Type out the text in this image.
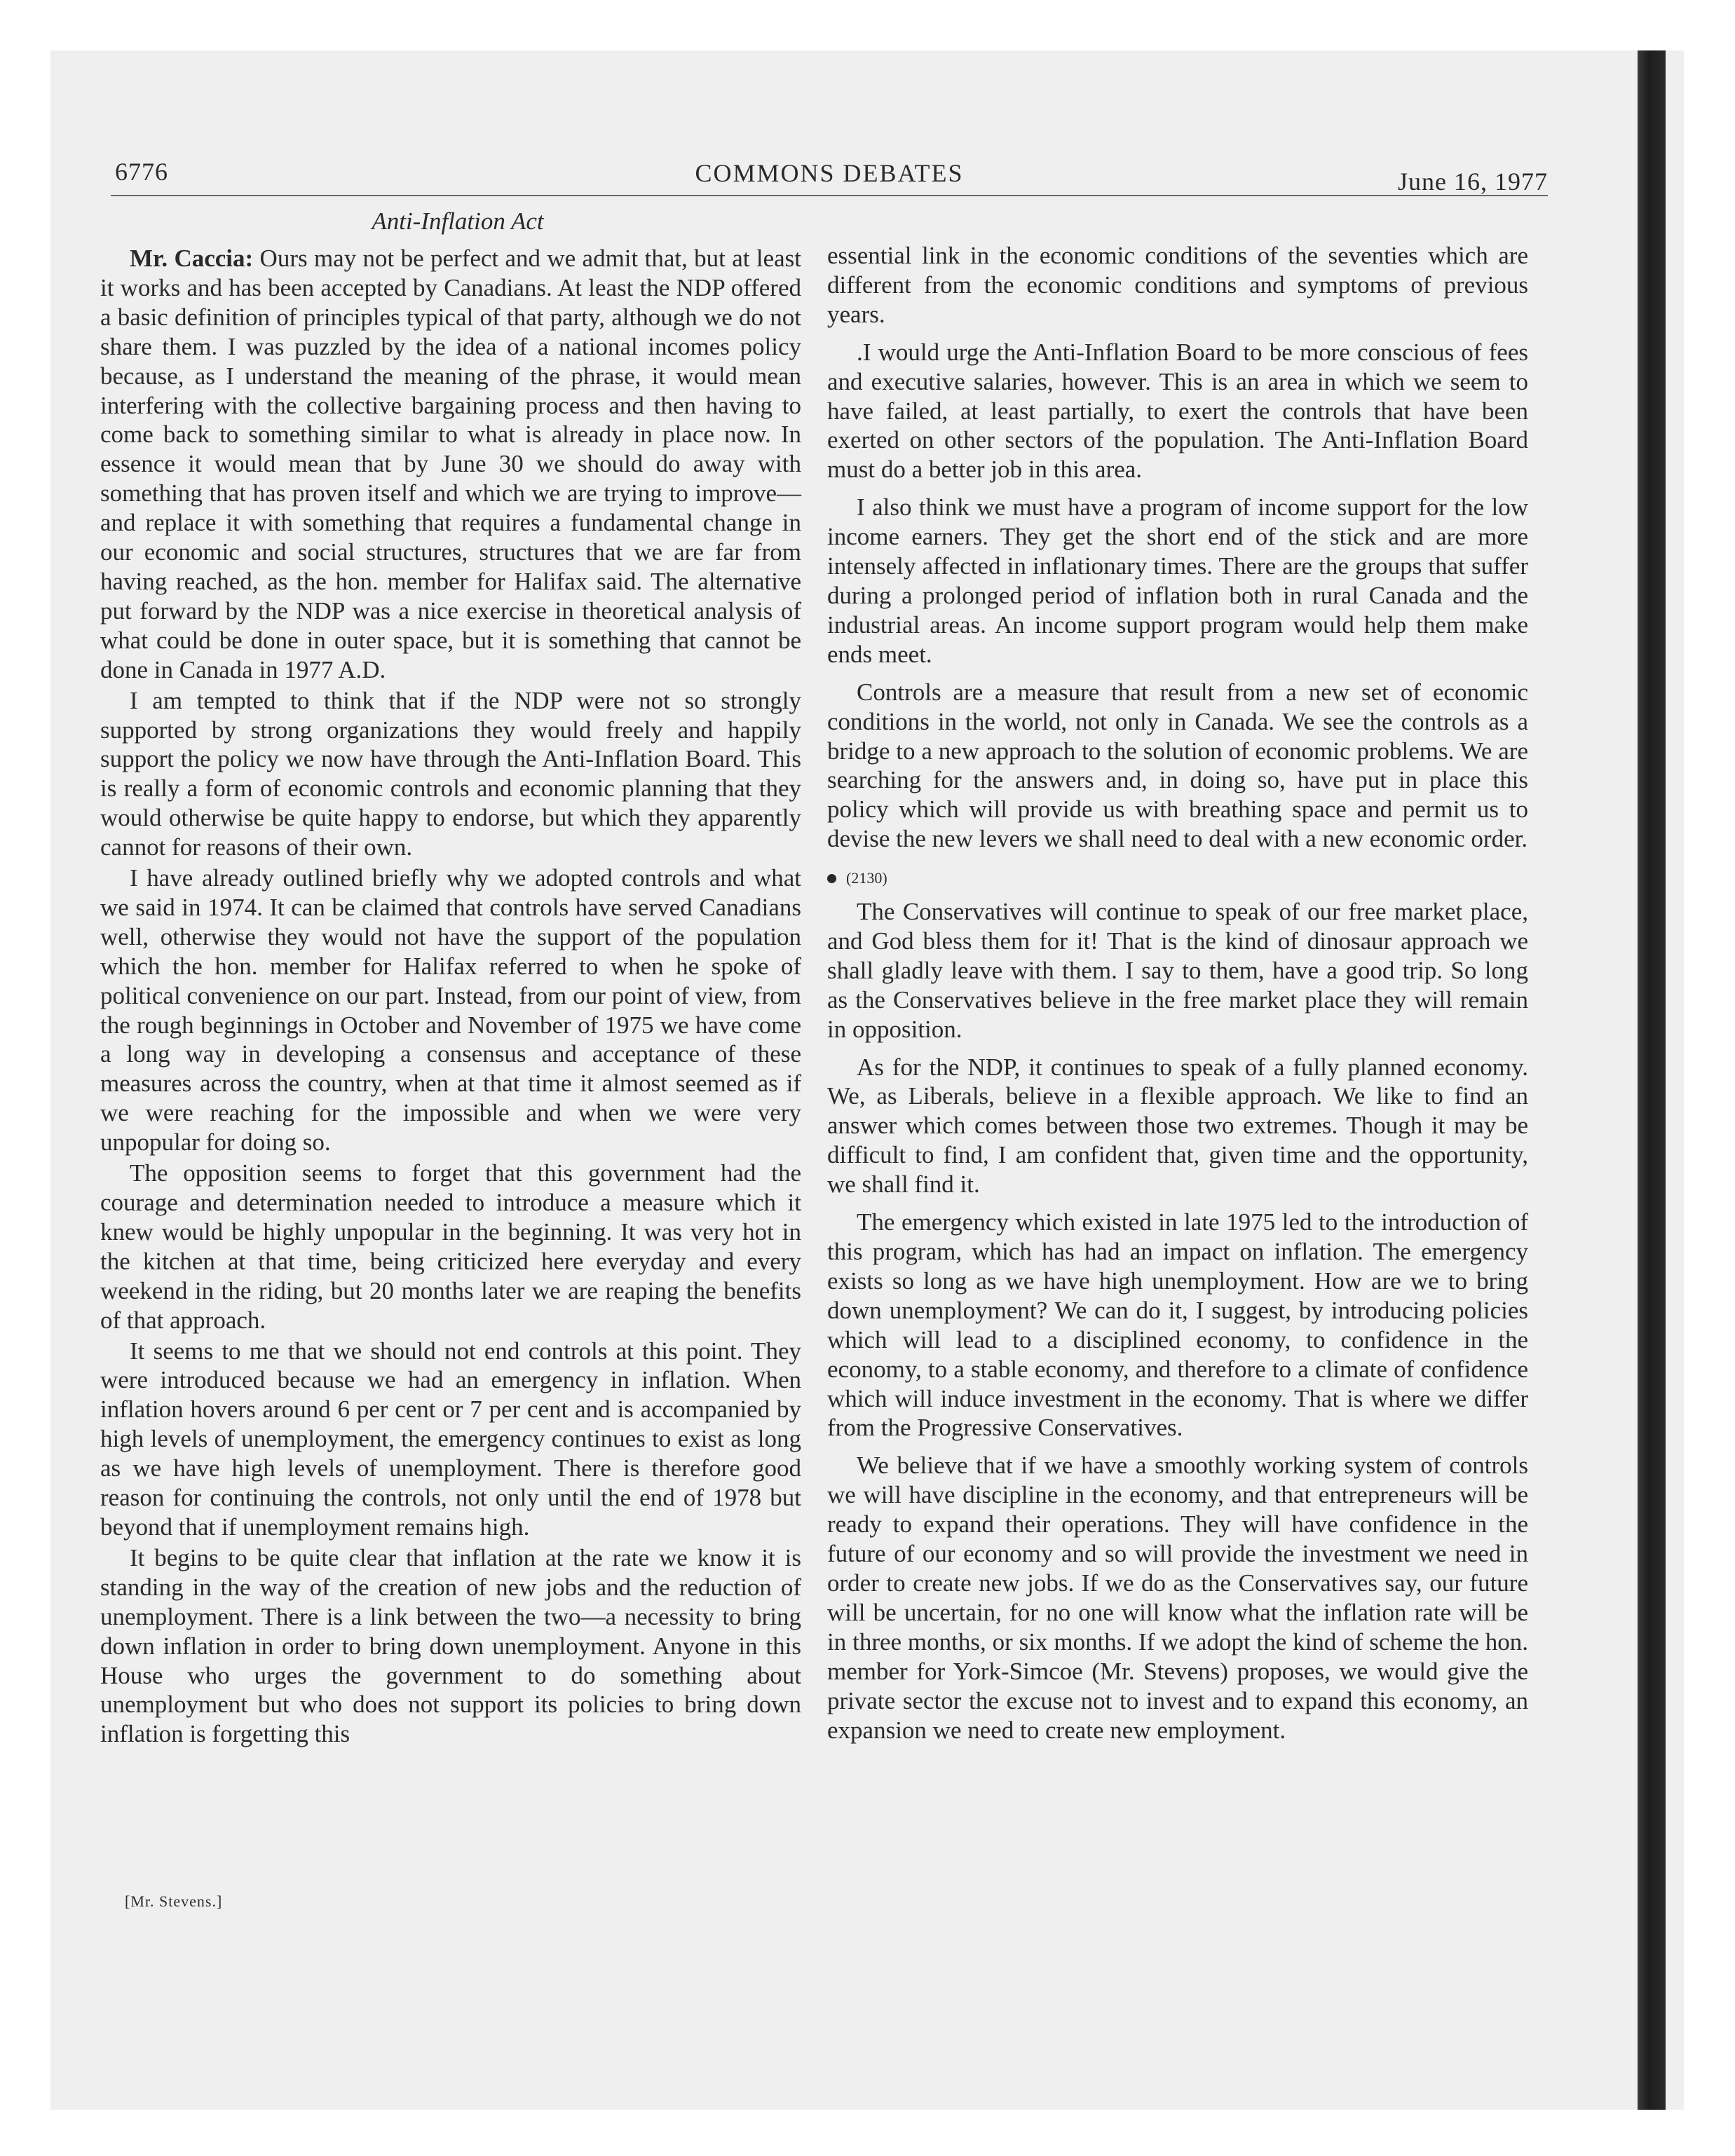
6776	COMMONS DEBATES	June 16, 1977

Mr. Caccia: Ours may not be perfect and we admit that, but at least it works and has been accepted by Canadians. At least the NDP offered a basic definition of principles typical of that party, although we do not share them. I was puzzled by the idea of a national incomes policy because, as I understand the meaning of the phrase, it would mean interfering with the collective bargaining process and then having to come back to something similar to what is already in place now. In essence it would mean that by June 30 we should do away with something that has proven itself and which we are trying to improve—and replace it with something that requires a fundamental change in our economic and social structures, structures that we are far from having reached, as the hon. member for Halifax said. The alternative put forward by the NDP was a nice exercise in theoretical analysis of what could be done in outer space, but it is something that cannot be done in Canada in 1977 A.D.

I am tempted to think that if the NDP were not so strongly supported by strong organizations they would freely and happily support the policy we now have through the Anti-Inflation Board. This is really a form of economic controls and economic planning that they would otherwise be quite happy to endorse, but which they apparently cannot for reasons of their own.

I have already outlined briefly why we adopted controls and what we said in 1974. It can be claimed that controls have served Canadians well, otherwise they would not have the support of the population which the hon. member for Halifax referred to when he spoke of political convenience on our part. Instead, from our point of view, from the rough beginnings in October and November of 1975 we have come a long way in developing a consensus and acceptance of these measures across the country, when at that time it almost seemed as if we were reaching for the impossible and when we were very unpopular for doing so.

The opposition seems to forget that this government had the courage and determination needed to introduce a measure which it knew would be highly unpopular in the beginning. It was very hot in the kitchen at that time, being criticized here everyday and every weekend in the riding, but 20 months later we are reaping the benefits of that approach.

It seems to me that we should not end controls at this point. They were introduced because we had an emergency in inflation. When inflation hovers around 6 per cent or 7 per cent and is accompanied by high levels of unemployment, the emergency continues to exist as long as we have high levels of unemployment. There is therefore good reason for continuing the controls, not only until the end of 1978 but beyond that if unemployment remains high.

It begins to be quite clear that inflation at the rate we know it is standing in the way of the creation of new jobs and the reduction of unemployment. There is a link between the two—a necessity to bring down inflation in order to bring down unemployment. Anyone in this House who urges the government to do something about unemployment but who does not support its policies to bring down inflation is forgetting this

essential link in the economic conditions of the seventies which are different from the economic conditions and symptoms of previous years.

.I would urge the Anti-Inflation Board to be more conscious of fees and executive salaries, however. This is an area in which we seem to have failed, at least partially, to exert the controls that have been exerted on other sectors of the population. The Anti-Inflation Board must do a better job in this area.

I also think we must have a program of income support for the low income earners. They get the short end of the stick and are more intensely affected in inflationary times. There are the groups that suffer during a prolonged period of inflation both in rural Canada and the industrial areas. An income support program would help them make ends meet.

Controls are a measure that result from a new set of economic conditions in the world, not only in Canada. We see the controls as a bridge to a new approach to the solution of economic problems. We are searching for the answers and, in doing so, have put in place this policy which will provide us with breathing space and permit us to devise the new levers we shall need to deal with a new economic order.

(2130)

The Conservatives will continue to speak of our free market place, and God bless them for it! That is the kind of dinosaur approach we shall gladly leave with them. I say to them, have a good trip. So long as the Conservatives believe in the free market place they will remain in opposition.

As for the NDP, it continues to speak of a fully planned economy. We, as Liberals, believe in a flexible approach. We like to find an answer which comes between those two extremes. Though it may be difficult to find, I am confident that, given time and the opportunity, we shall find it.

The emergency which existed in late 1975 led to the introduction of this program, which has had an impact on inflation. The emergency exists so long as we have high unemployment. How are we to bring down unemployment? We can do it, I suggest, by introducing policies which will lead to a disciplined economy, to confidence in the economy, to a stable economy, and therefore to a climate of confidence which will induce investment in the economy. That is where we differ from the Progressive Conservatives.

We believe that if we have a smoothly working system of controls we will have discipline in the economy, and that entrepreneurs will be ready to expand their operations. They will have confidence in the future of our economy and so will provide the investment we need in order to create new jobs. If we do as the Conservatives say, our future will be uncertain, for no one will know what the inflation rate will be in three months, or six months. If we adopt the kind of scheme the hon. member for York-Simcoe (Mr. Stevens) proposes, we would give the private sector the excuse not to invest and to expand this economy, an expansion we need to create new employment.

[Mr. Stevens.]
